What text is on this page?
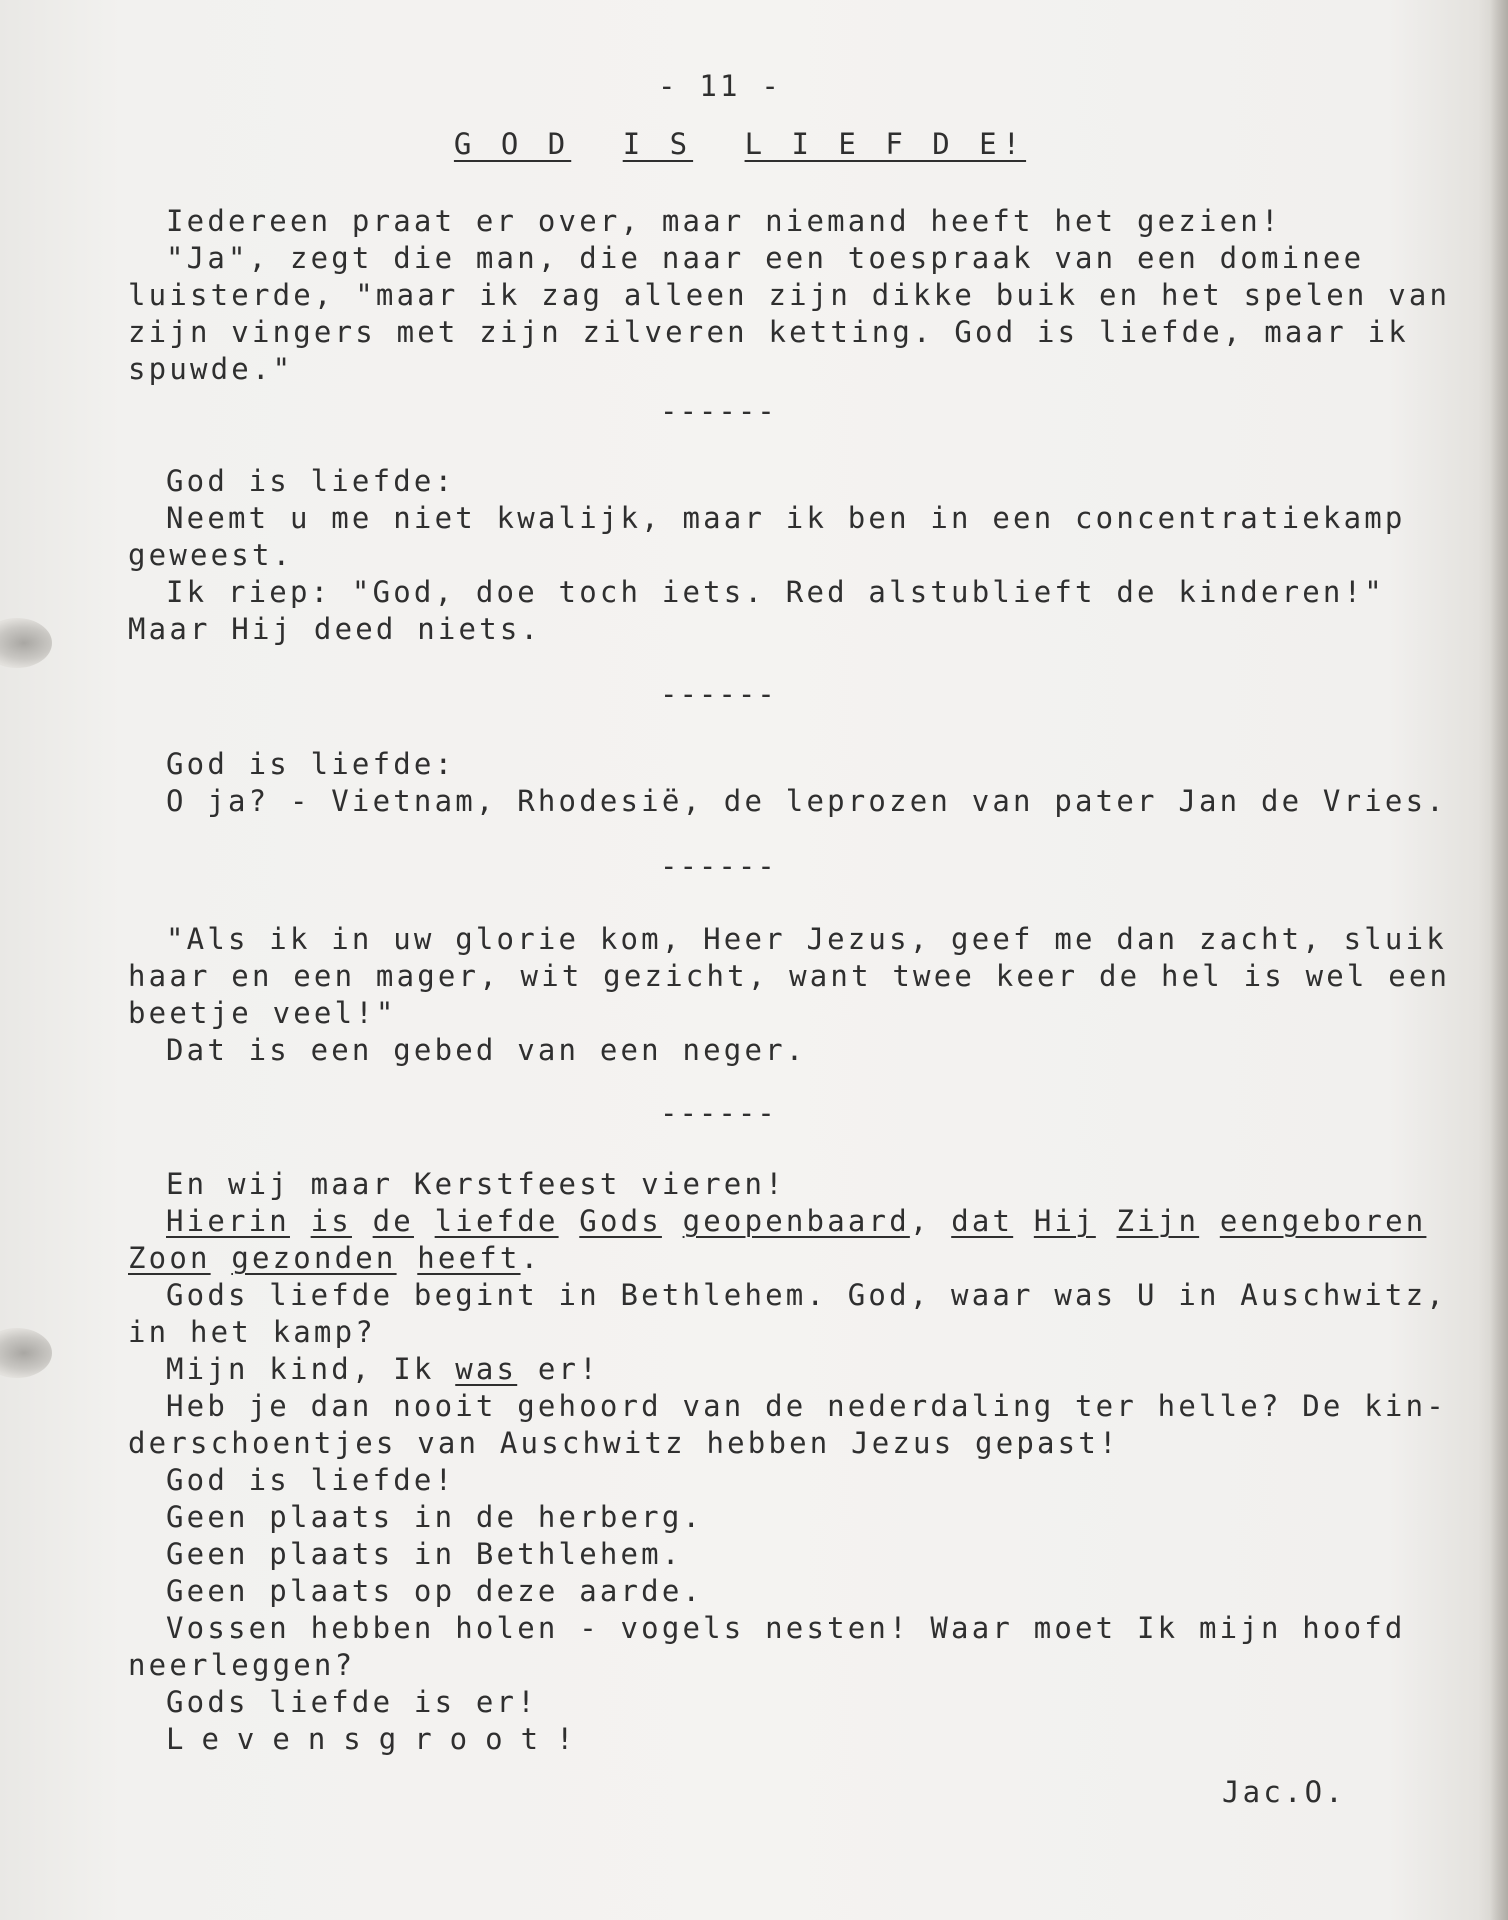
- 11 -
G O D I S L I E F D E!
Iedereen praat er over, maar niemand heeft het gezien!
"Ja", zegt die man, die naar een toespraak van een dominee
luisterde, "maar ik zag alleen zijn dikke buik en het spelen van
zijn vingers met zijn zilveren ketting. God is liefde, maar ik
spuwde."
------
God is liefde:
Neemt u me niet kwalijk, maar ik ben in een concentratiekamp
geweest.
Ik riep: "God, doe toch iets. Red alstublieft de kinderen!"
Maar Hij deed niets.
------
God is liefde:
O ja? - Vietnam, Rhodesië, de leprozen van pater Jan de Vries.
------
"Als ik in uw glorie kom, Heer Jezus, geef me dan zacht, sluik
haar en een mager, wit gezicht, want twee keer de hel is wel een
beetje veel!"
Dat is een gebed van een neger.
------
En wij maar Kerstfeest vieren!
Hierin is de liefde Gods geopenbaard, dat Hij Zijn eengeboren
Zoon gezonden heeft.
Gods liefde begint in Bethlehem. God, waar was U in Auschwitz,
in het kamp?
Mijn kind, Ik was er!
Heb je dan nooit gehoord van de nederdaling ter helle? De kin-
derschoentjes van Auschwitz hebben Jezus gepast!
God is liefde!
Geen plaats in de herberg.
Geen plaats in Bethlehem.
Geen plaats op deze aarde.
Vossen hebben holen - vogels nesten! Waar moet Ik mijn hoofd
neerleggen?
Gods liefde is er!
Levensgroot!
Jac.O.
